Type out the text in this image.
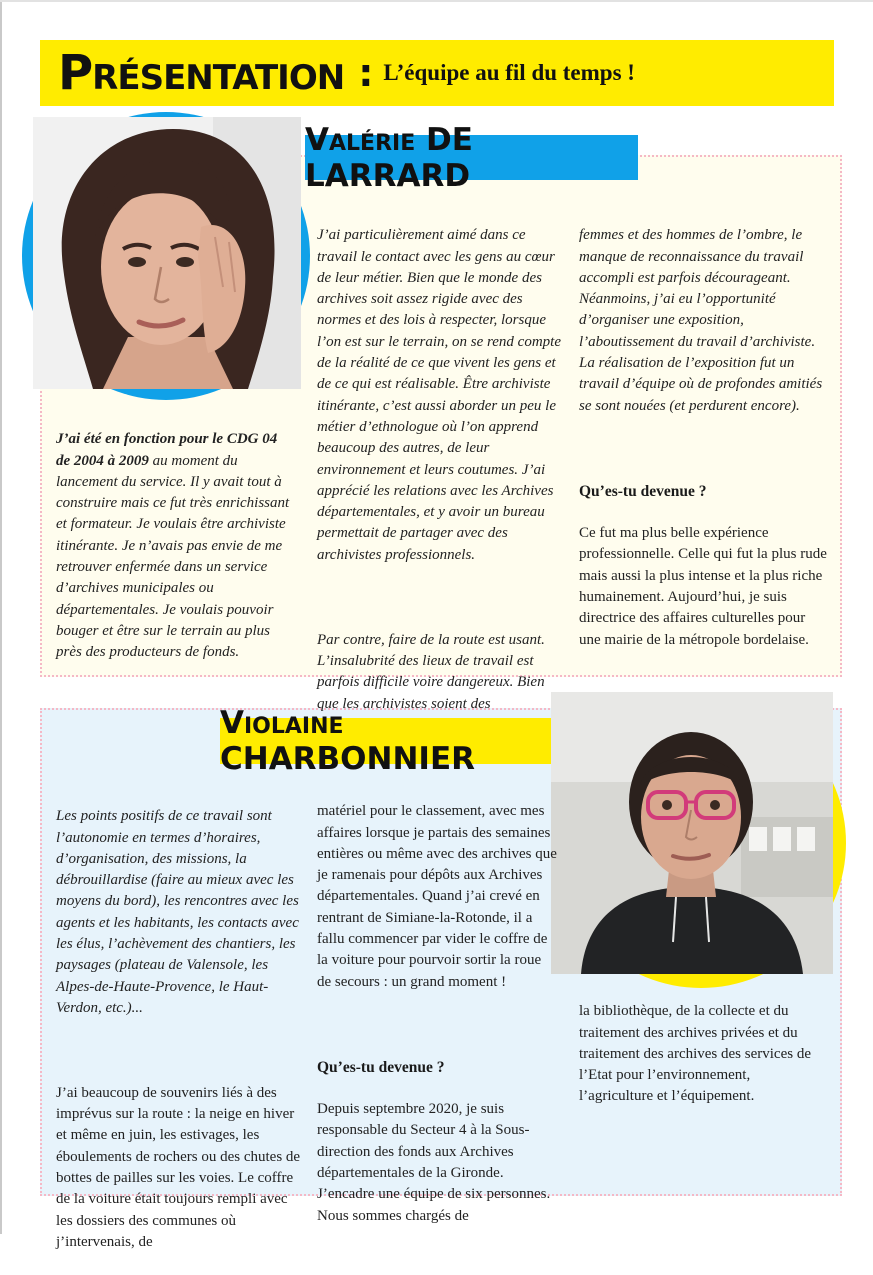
Présentation : L’équipe au fil du temps !
Valérie DE LARRARD
Violaine CHARBONNIER

J’ai été en fonction pour le CDG 04 de 2004 à 2009 au moment du lancement du service. Il y avait tout à construire mais ce fut très enrichissant et formateur. Je voulais être archiviste itinérante. Je n’avais pas envie de me retrouver enfermée dans un service d’archives municipales ou départementales. Je voulais pouvoir bouger et être sur le terrain au plus près des producteurs de fonds.

J’ai particulièrement aimé dans ce travail le contact avec les gens au cœur de leur métier. Bien que le monde des archives soit assez rigide avec des normes et des lois à respecter, lorsque l’on est sur le terrain, on se rend compte de la réalité de ce que vivent les gens et de ce qui est réalisable. Être archiviste itinérante, c’est aussi aborder un peu le métier d’ethnologue où l’on apprend beaucoup des autres, de leur environnement et leurs coutumes. J’ai apprécié les relations avec les Archives départementales, et y avoir un bureau permettait de partager avec des archivistes professionnels.

Par contre, faire de la route est usant. L’insalubrité des lieux de travail est parfois difficile voire dangereux. Bien que les archivistes soient des

femmes et des hommes de l’ombre, le manque de reconnaissance du travail accompli est parfois décourageant. Néanmoins, j’ai eu l’opportunité d’organiser une exposition, l’aboutissement du travail d’archiviste. La réalisation de l’exposition fut un travail d’équipe où de profondes amitiés se sont nouées (et perdurent encore).

Qu’es-tu devenue ?

Ce fut ma plus belle expérience professionnelle. Celle qui fut la plus rude mais aussi la plus intense et la plus riche humainement. Aujourd’hui, je suis directrice des affaires culturelles pour une mairie de la métropole bordelaise.

Les points positifs de ce travail sont l’autonomie en termes d’horaires, d’organisation, des missions, la débrouillardise (faire au mieux avec les moyens du bord), les rencontres avec les agents et les habitants, les contacts avec les élus, l’achèvement des chantiers, les paysages (plateau de Valensole, les Alpes-de-Haute-Provence, le Haut-Verdon, etc.)...

J’ai beaucoup de souvenirs liés à des imprévus sur la route : la neige en hiver et même en juin, les estivages, les éboulements de rochers ou des chutes de bottes de pailles sur les voies. Le coffre de la voiture était toujours rempli avec les dossiers des communes où j’intervenais, de

matériel pour le classement, avec mes affaires lorsque je partais des semaines entières ou même avec des archives que je ramenais pour dépôts aux Archives départementales. Quand j’ai crevé en rentrant de Simiane-la-Rotonde, il a fallu commencer par vider le coffre de la voiture pour pourvoir sortir la roue de secours : un grand moment !

Qu’es-tu devenue ?

Depuis septembre 2020, je suis responsable du Secteur 4 à la Sous-direction des fonds aux Archives départementales de la Gironde. J’encadre une équipe de six personnes. Nous sommes chargés de

la bibliothèque, de la collecte et du traitement des archives privées et du traitement des archives des services de l’Etat pour l’environnement, l’agriculture et l’équipement.
